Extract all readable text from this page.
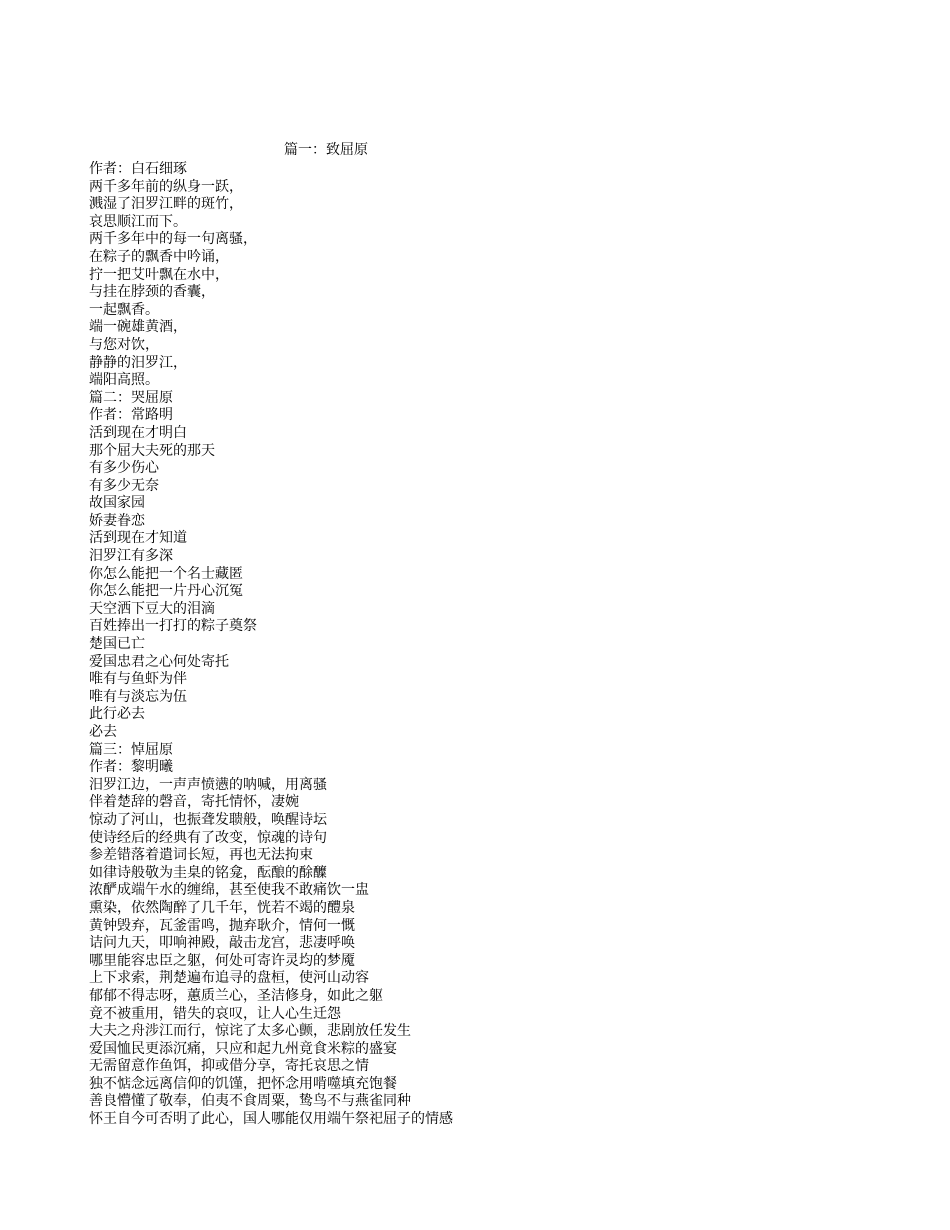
篇一：致屈原
作者：白石细琢
两千多年前的纵身一跃，
溅湿了汨罗江畔的斑竹，
哀思顺江而下。
两千多年中的每一句离骚，
在粽子的飘香中吟诵，
拧一把艾叶飘在水中，
与挂在脖颈的香囊，
一起飘香。
端一碗雄黄酒，
与您对饮，
静静的汨罗江，
端阳高照。
篇二：哭屈原
作者：常路明
活到现在才明白
那个屈大夫死的那天
有多少伤心
有多少无奈
故国家园
娇妻眷恋
活到现在才知道
汨罗江有多深
你怎么能把一个名士藏匿
你怎么能把一片丹心沉冤
天空洒下豆大的泪滴
百姓捧出一打打的粽子奠祭
楚国已亡
爱国忠君之心何处寄托
唯有与鱼虾为伴
唯有与淡忘为伍
此行必去
必去
篇三：悼屈原
作者：黎明曦
汨罗江边，一声声愤懑的呐喊，用离骚
伴着楚辞的磬音，寄托情怀，凄婉
惊动了河山，也振聋发聩般，唤醒诗坛
使诗经后的经典有了改变，惊魂的诗句
参差错落着遣词长短，再也无法拘束
如律诗般敬为圭臬的铭龛，酝酿的酴醾
浓酽成端午水的缠绵，甚至使我不敢痛饮一盅
熏染，依然陶醉了几千年，恍若不竭的醴泉
黄钟毁弃，瓦釜雷鸣，抛弃耿介，情何一慨
诘问九天，叩响神殿，敲击龙宫，悲凄呼唤
哪里能容忠臣之躯，何处可寄许灵均的梦魇
上下求索，荆楚遍布追寻的盘桓，使河山动容
郁郁不得志呀，蕙质兰心，圣洁修身，如此之躯
竟不被重用，错失的哀叹，让人心生迁怨
大夫之舟涉江而行，惊诧了太多心颤，悲剧放任发生
爱国恤民更添沉痛，只应和起九州竟食米粽的盛宴
无需留意作鱼饵，抑或借分享，寄托哀思之情
独不惦念远离信仰的饥馑，把怀念用啃噬填充饱餐
善良懵懂了敬奉，伯夷不食周粟，鸷鸟不与燕雀同种
怀王自今可否明了此心，国人哪能仅用端午祭祀屈子的情感
